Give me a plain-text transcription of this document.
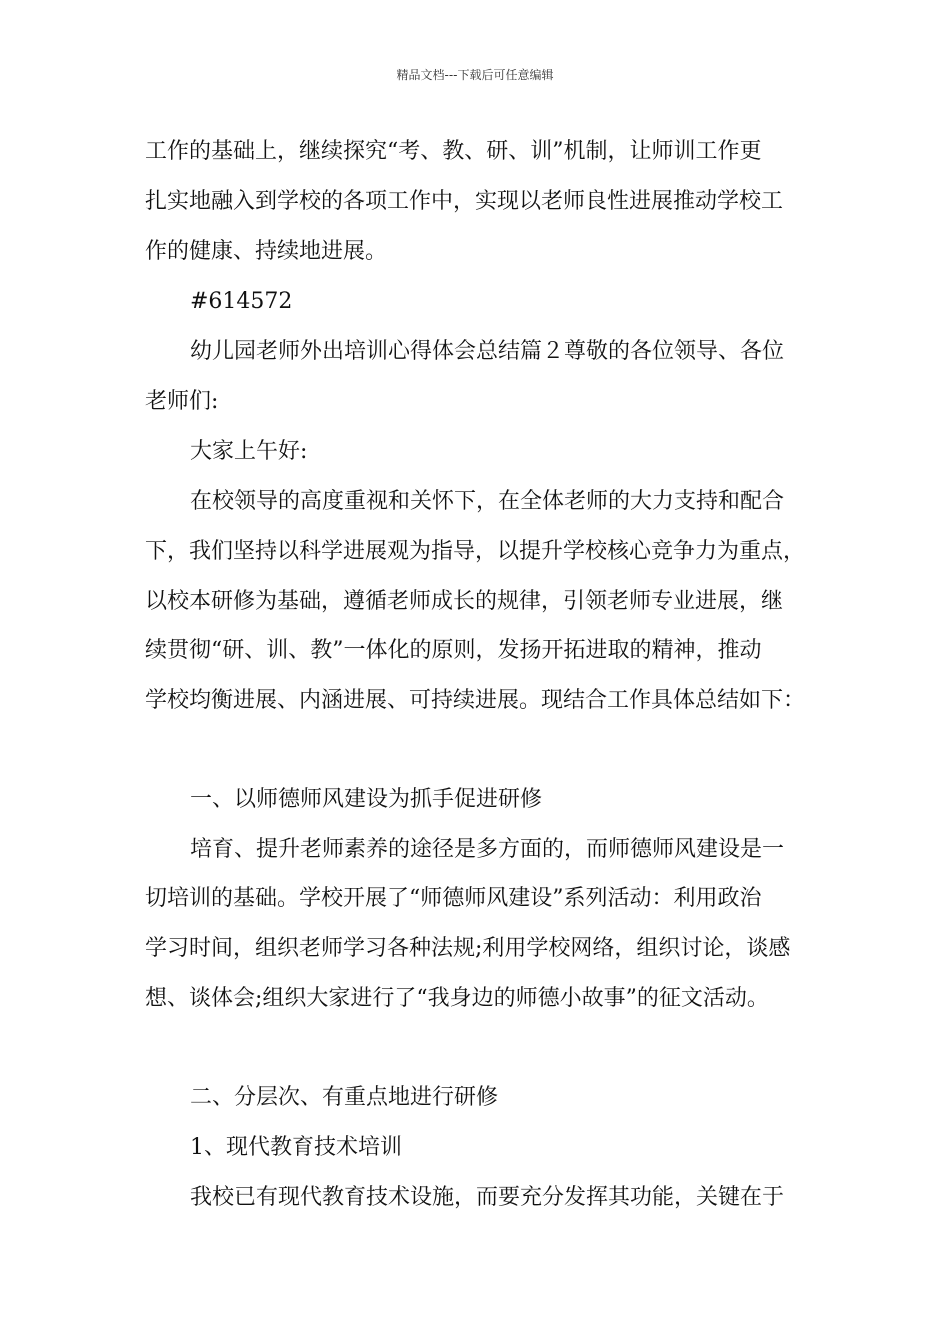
精品文档---下载后可任意编辑
工作的基础上，继续探究“考、教、研、训”机制，让师训工作更
扎实地融入到学校的各项工作中，实现以老师良性进展推动学校工
作的健康、持续地进展。
#614572
幼儿园老师外出培训心得体会总结篇２尊敬的各位领导、各位
老师们:
大家上午好:
在校领导的高度重视和关怀下，在全体老师的大力支持和配合
下，我们坚持以科学进展观为指导，以提升学校核心竞争力为重点，
以校本研修为基础，遵循老师成长的规律，引领老师专业进展，继
续贯彻“研、训、教”一体化的原则，发扬开拓进取的精神，推动
学校均衡进展、内涵进展、可持续进展。现结合工作具体总结如下：
一、以师德师风建设为抓手促进研修
培育、提升老师素养的途径是多方面的，而师德师风建设是一
切培训的基础。学校开展了“师德师风建设”系列活动：利用政治
学习时间，组织老师学习各种法规;利用学校网络，组织讨论，谈感
想、谈体会;组织大家进行了“我身边的师德小故事”的征文活动。
二、分层次、有重点地进行研修
1、现代教育技术培训
我校已有现代教育技术设施，而要充分发挥其功能，关键在于
